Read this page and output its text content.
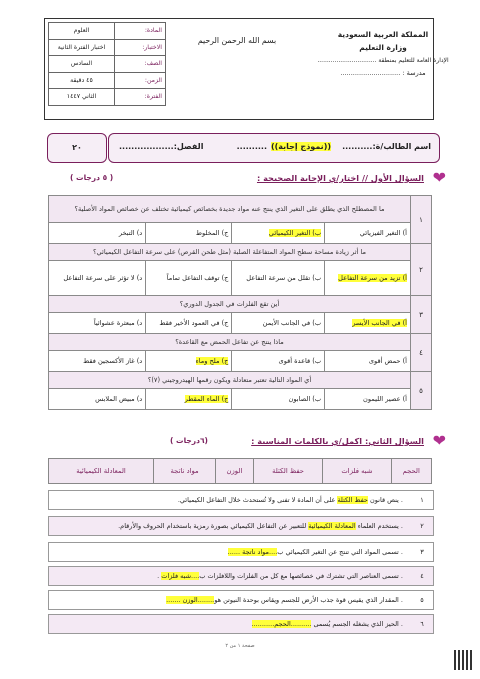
المملكة العربية السعودية
وزارة التعليم
الإدارة العامة للتعليم بمنطقة ...............................
مدرسة : .............................
بسم الله الرحمن الرحيم
المادة:	العلوم
الاختبار:	اختبار الفترة الثانية
الصف:	السادس
الزمن:	٤٥ دقيقة
الفترة:	الثاني ١٤٤٧
اسم الطالب/ة:..........
((نموذج إجابة))
..........
الفصل:..................
٢٠
❤
السؤال الأول // اختار/ي الإجابة الصحيحة :
( ٥ درجات )
١	ما المصطلح الذي يطلق على التغير الذي ينتج عنه مواد جديدة بخصائص كيميائية تختلف عن خصائص المواد الأصلية؟			
	أ) التغير الفيزيائي	ب) التغير الكيميائي	ج) المخلوط	د) التبخر
٢	ما أثر زيادة مساحة سطح المواد المتفاعلة الصلبة (مثل طحن القرص) على سرعة التفاعل الكيميائي؟			
	أ) تزيد من سرعة التفاعل	ب) تقلل من سرعة التفاعل	ج) توقف التفاعل تماماً	د) لا تؤثر على سرعة التفاعل
٣	أين تقع الفلزات في الجدول الدوري؟			
	أ) في الجانب الأيسر	ب) في الجانب الأيمن	ج) في العمود الأخير فقط	د) مبعثرة عشوائياً
٤	ماذا ينتج عن تفاعل الحمض مع القاعدة؟			
	أ) حمض أقوى	ب) قاعدة أقوى	ج) ملح وماء	د) غاز الأكسجين فقط
٥	أي المواد التالية تعتبر متعادلة ويكون رقمها الهيدروجيني (٧)؟			
	أ) عصير الليمون	ب) الصابون	ج) الماء المقطر	د) مبيض الملابس
❤
السؤال الثاني: اكمل/ي بالكلمات المناسبة :
(٦درجات )
الحجم	شبه فلزات	حفظ الكتلة	الوزن	مواد ناتجة	المعادلة الكيميائية
١
. ينص قانون حفظ الكتلة على أن المادة لا تفنى ولا تُستحدث خلال التفاعل الكيميائي.
٢
. يستخدم العلماء المعادلة الكيميائية للتعبير عن التفاعل الكيميائي بصورة رمزية باستخدام الحروف والأرقام.
٣
. تسمى المواد التي تنتج عن التغير الكيميائي ب....مواد ناتجة ......
٤
. تسمى العناصر التي تشترك في خصائصها مع كل من الفلزات واللافلزات ب....شبه فلزات .
٥
. المقدار الذي يقيس قوة جذب الأرض للجسم ويقاس بوحدة النيوتن هو........الوزن .......
٦
. الحيز الذي يشغله الجسم يُسمى ..........الحجم...........
صفحة ١ من ٢
